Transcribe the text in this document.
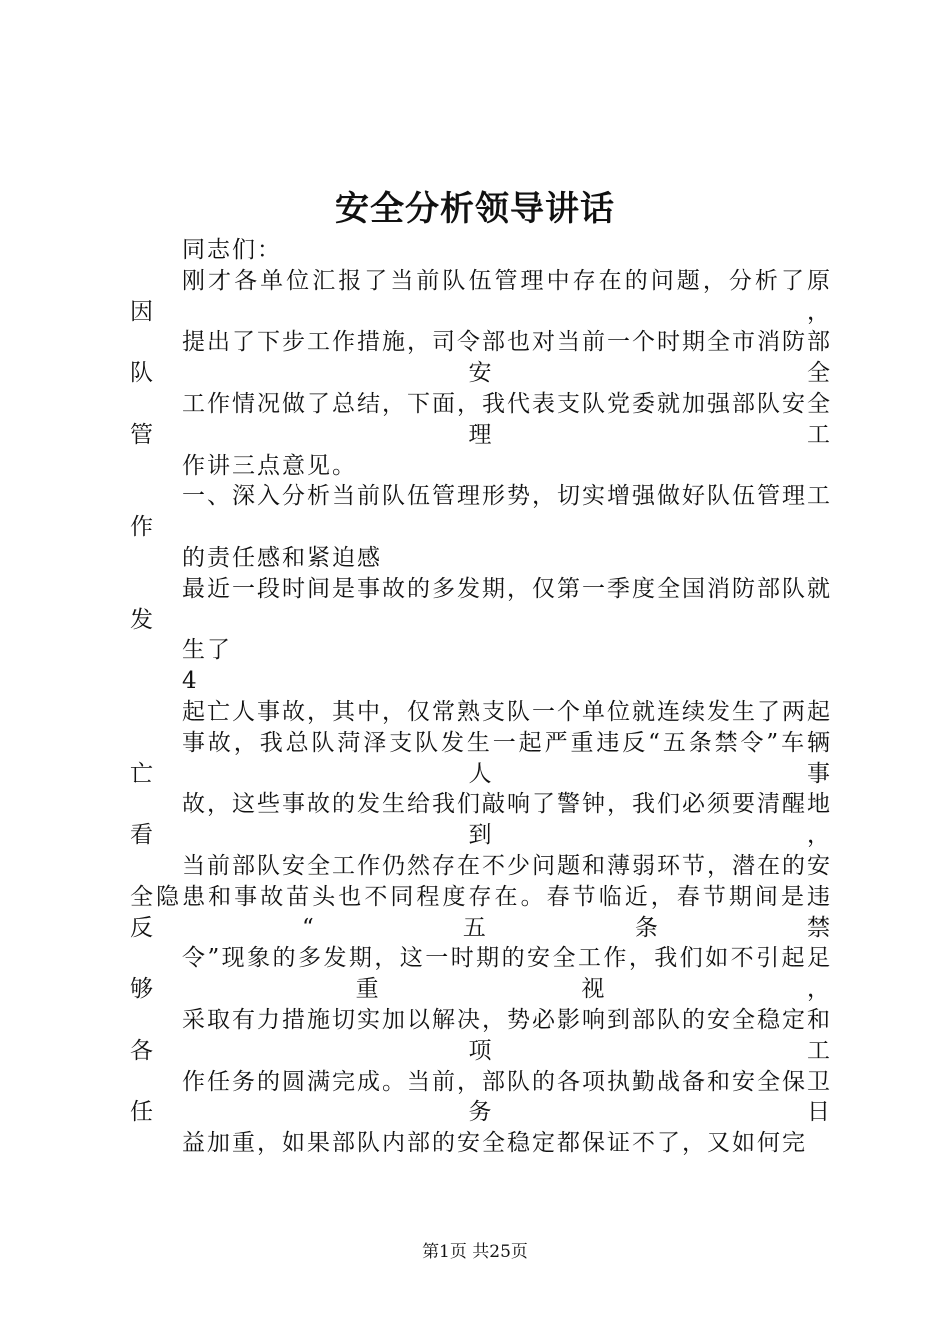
安全分析领导讲话

同志们：

刚才各单位汇报了当前队伍管理中存在的问题，分析了原因，

提出了下步工作措施，司令部也对当前一个时期全市消防部队安全

工作情况做了总结，下面，我代表支队党委就加强部队安全管理工

作讲三点意见。

一、深入分析当前队伍管理形势，切实增强做好队伍管理工作

的责任感和紧迫感

最近一段时间是事故的多发期，仅第一季度全国消防部队就发

生了

4

起亡人事故，其中，仅常熟支队一个单位就连续发生了两起

事故，我总队菏泽支队发生一起严重违反“五条禁令”车辆亡人事

故，这些事故的发生给我们敲响了警钟，我们必须要清醒地看到，

当前部队安全工作仍然存在不少问题和薄弱环节，潜在的安全隐患和事故苗头也不同程度存在。春节临近，春节期间是违反“五条禁

令”现象的多发期，这一时期的安全工作，我们如不引起足够重视，

采取有力措施切实加以解决，势必影响到部队的安全稳定和各项工

作任务的圆满完成。当前，部队的各项执勤战备和安全保卫任务日

益加重，如果部队内部的安全稳定都保证不了，又如何完

第1页 共25页
